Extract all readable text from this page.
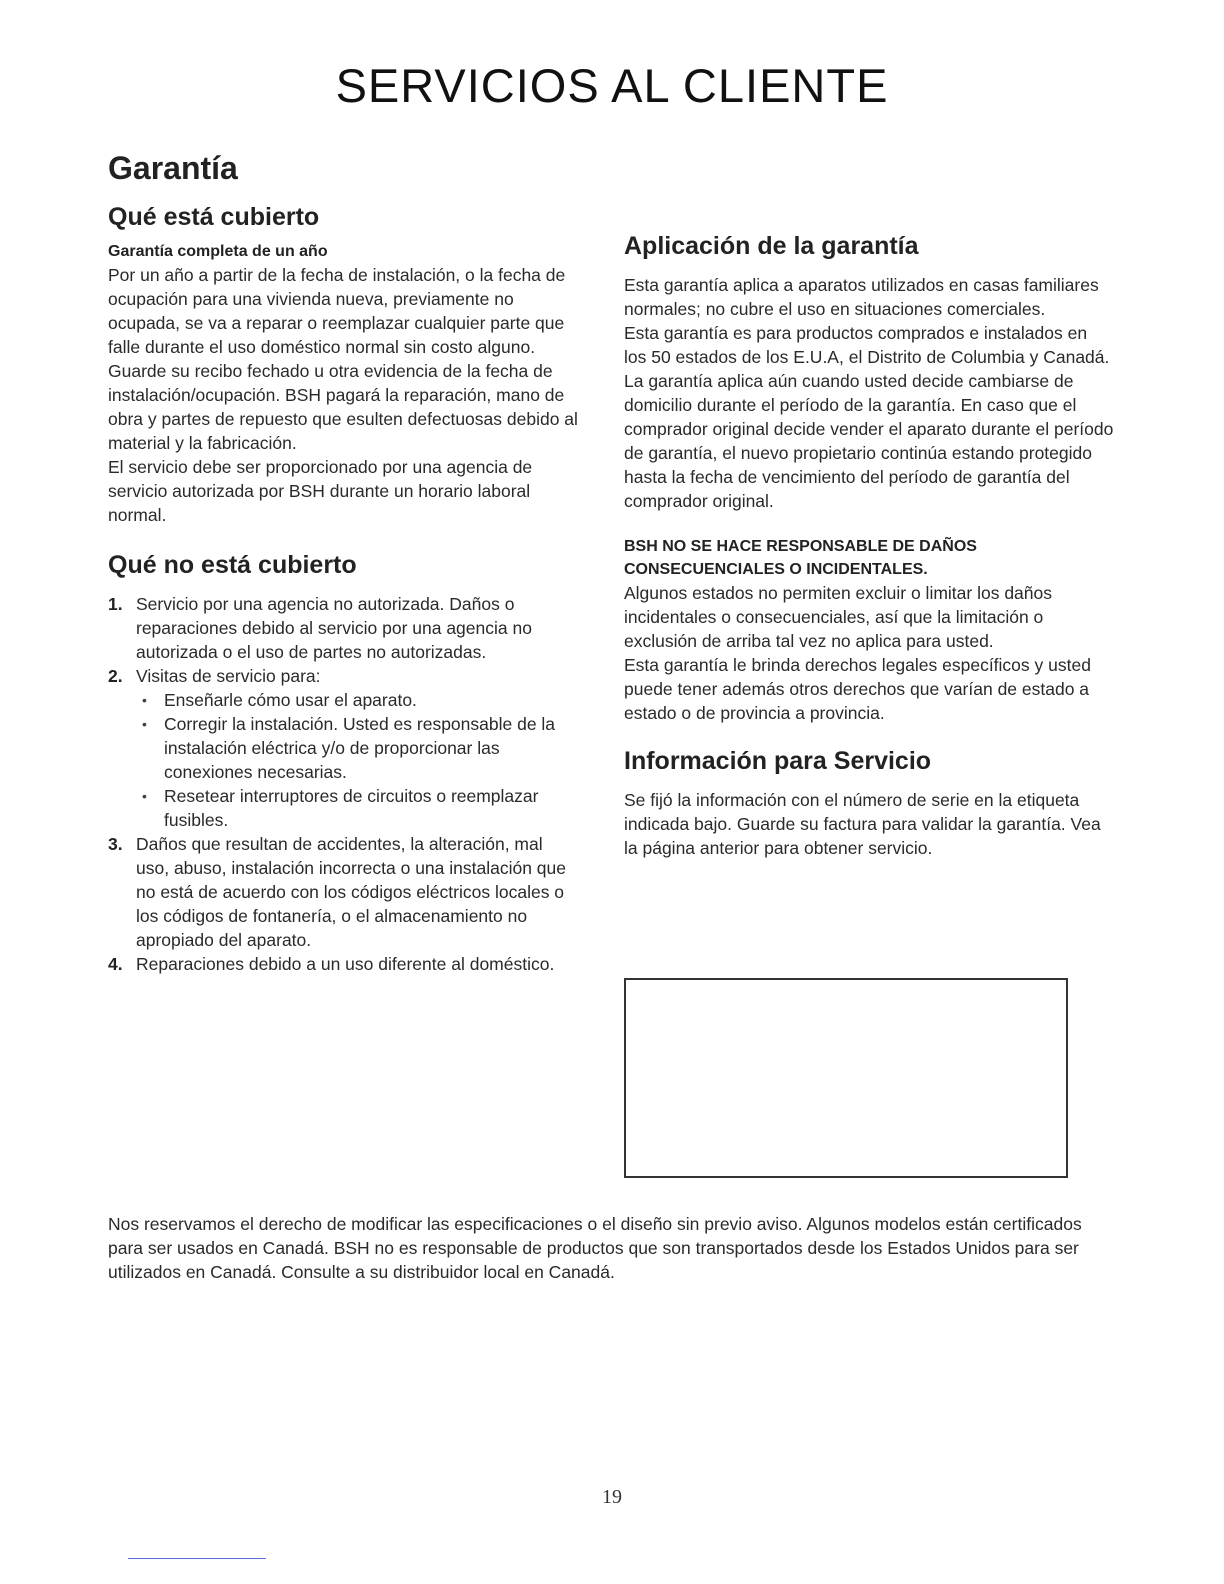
SERVICIOS AL CLIENTE
Garantía
Qué está cubierto
Garantía completa de un año

Por un año a partir de la fecha de instalación, o la fecha de ocupación para una vivienda nueva, previamente no ocupada, se va a reparar o reemplazar cualquier parte que falle durante el uso doméstico normal sin costo alguno. Guarde su recibo fechado u otra evidencia de la fecha de instalación/ocupación. BSH pagará la reparación, mano de obra y partes de repuesto que esulten defectuosas debido al material y la fabricación.

El servicio debe ser proporcionado por una agencia de servicio autorizada por BSH durante un horario laboral normal.

Qué no está cubierto
1. Servicio por una agencia no autorizada. Daños o reparaciones debido al servicio por una agencia no autorizada o el uso de partes no autorizadas.
2. Visitas de servicio para:
• Enseñarle cómo usar el aparato.
• Corregir la instalación. Usted es responsable de la instalación eléctrica y/o de proporcionar las conexiones necesarias.
• Resetear interruptores de circuitos o reemplazar fusibles.
3. Daños que resultan de accidentes, la alteración, mal uso, abuso, instalación incorrecta o una instalación que no está de acuerdo con los códigos eléctricos locales o los códigos de fontanería, o el almacenamiento no apropiado del aparato.
4. Reparaciones debido a un uso diferente al doméstico.
Aplicación de la garantía

Esta garantía aplica a aparatos utilizados en casas familiares normales; no cubre el uso en situaciones comerciales.

Esta garantía es para productos comprados e instalados en los 50 estados de los E.U.A, el Distrito de Columbia y Canadá. La garantía aplica aún cuando usted decide cambiarse de domicilio durante el período de la garantía. En caso que el comprador original decide vender el aparato durante el período de garantía, el nuevo propietario continúa estando protegido hasta la fecha de vencimiento del período de garantía del comprador original.

BSH NO SE HACE RESPONSABLE DE DAÑOS CONSECUENCIALES O INCIDENTALES.

Algunos estados no permiten excluir o limitar los daños incidentales o consecuenciales, así que la limitación o exclusión de arriba tal vez no aplica para usted.

Esta garantía le brinda derechos legales específicos y usted puede tener además otros derechos que varían de estado a estado o de provincia a provincia.

Información para Servicio

Se fijó la información con el número de serie en la etiqueta indicada bajo. Guarde su factura para validar la garantía. Vea la página anterior para obtener servicio.

Nos reservamos el derecho de modificar las especificaciones o el diseño sin previo aviso. Algunos modelos están certificados para ser usados en Canadá. BSH no es responsable de productos que son transportados desde los Estados Unidos para ser utilizados en Canadá. Consulte a su distribuidor local en Canadá.

19
